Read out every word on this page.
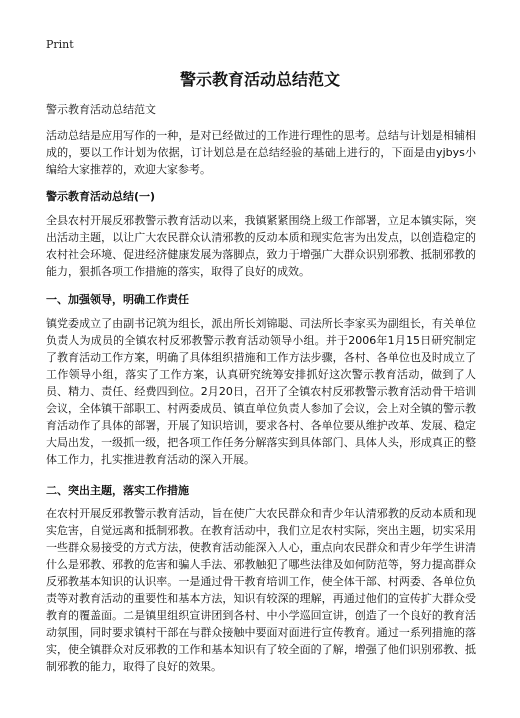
Print
警示教育活动总结范文
警示教育活动总结范文

活动总结是应用写作的一种，是对已经做过的工作进行理性的思考。总结与计划是相辅相成的，要以工作计划为依据，订计划总是在总结经验的基础上进行的，下面是由yjbys小编给大家推荐的，欢迎大家参考。

警示教育活动总结(一)

全县农村开展反邪教警示教育活动以来，我镇紧紧围绕上级工作部署，立足本镇实际，突出活动主题，以让广大农民群众认清邪教的反动本质和现实危害为出发点，以创造稳定的农村社会环境、促进经济健康发展为落脚点，致力于增强广大群众识别邪教、抵制邪教的能力，狠抓各项工作措施的落实，取得了良好的成效。

一、加强领导，明确工作责任

镇党委成立了由副书记筑为组长，派出所长刘锦聪、司法所长李家买为副组长，有关单位负责人为成员的全镇农村反邪教警示教育活动领导小组。并于2006年1月15日研究制定了教育活动工作方案，明确了具体组织措施和工作方法步骤，各村、各单位也及时成立了工作领导小组，落实了工作方案，认真研究统筹安排抓好这次警示教育活动，做到了人员、精力、责任、经费四到位。2月20日，召开了全镇农村反邪教警示教育活动骨干培训会议，全体镇干部职工、村两委成员、镇直单位负责人参加了会议，会上对全镇的警示教育活动作了具体的部署，开展了知识培训，要求各村、各单位要从维护改革、发展、稳定大局出发，一级抓一级，把各项工作任务分解落实到具体部门、具体人头，形成真正的整体工作力，扎实推进教育活动的深入开展。

二、突出主题，落实工作措施

在农村开展反邪教警示教育活动，旨在使广大农民群众和青少年认清邪教的反动本质和现实危害，自觉远离和抵制邪教。在教育活动中，我们立足农村实际，突出主题，切实采用一些群众易接受的方式方法，使教育活动能深入人心，重点向农民群众和青少年学生讲清什么是邪教、邪教的危害和骗人手法、邪教触犯了哪些法律及如何防范等，努力提高群众反邪教基本知识的认识率。一是通过骨干教育培训工作，使全体干部、村两委、各单位负责等对教育活动的重要性和基本方法，知识有较深的理解，再通过他们的宣传扩大群众受教育的覆盖面。二是镇里组织宣讲团到各村、中小学巡回宣讲，创造了一个良好的教育活动氛围，同时要求镇村干部在与群众接触中要面对面进行宣传教育。通过一系列措施的落实，使全镇群众对反邪教的工作和基本知识有了较全面的了解，增强了他们识别邪教、抵制邪教的能力，取得了良好的效果。
